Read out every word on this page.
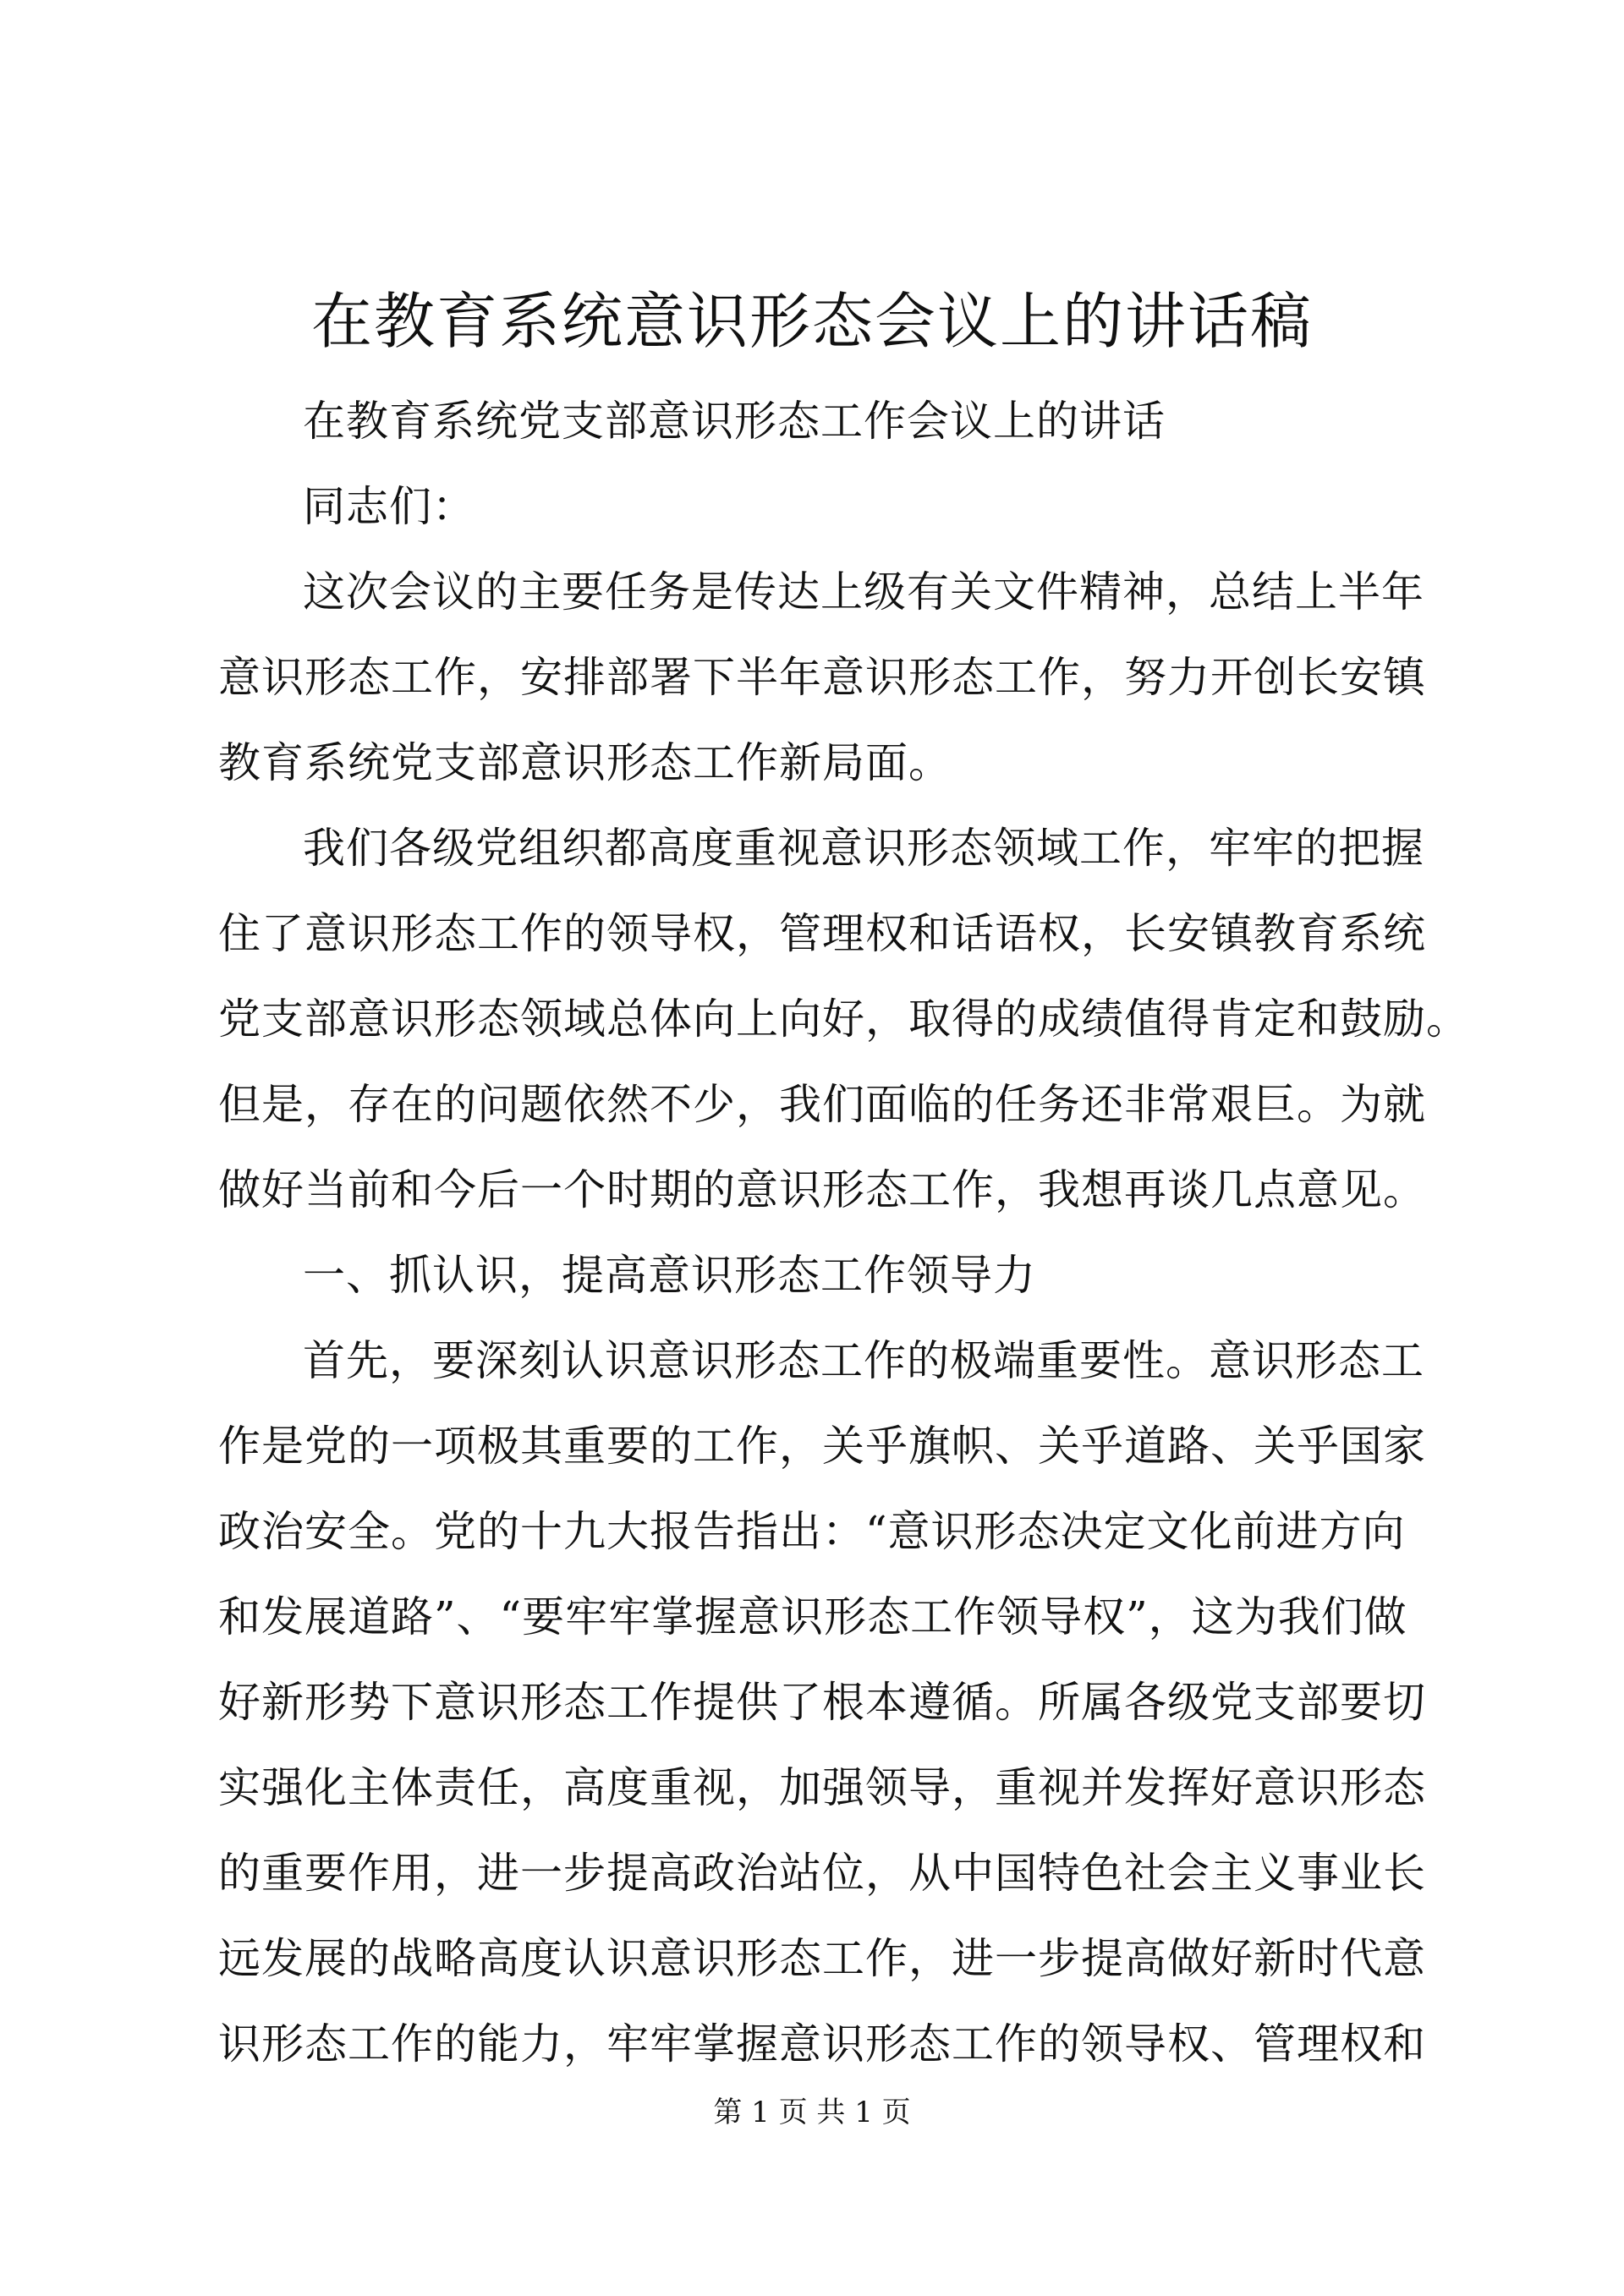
在教育系统意识形态会议上的讲话稿
在教育系统党支部意识形态工作会议上的讲话
同志们：
这次会议的主要任务是传达上级有关文件精神，总结上半年
意识形态工作，安排部署下半年意识形态工作，努力开创长安镇
教育系统党支部意识形态工作新局面。
我们各级党组织都高度重视意识形态领域工作，牢牢的把握
住了意识形态工作的领导权，管理权和话语权，长安镇教育系统
党支部意识形态领域总体向上向好，取得的成绩值得肯定和鼓励。
但是，存在的问题依然不少，我们面临的任务还非常艰巨。为就
做好当前和今后一个时期的意识形态工作，我想再谈几点意见。
一、抓认识，提高意识形态工作领导力
首先，要深刻认识意识形态工作的极端重要性。意识形态工
作是党的一项极其重要的工作，关乎旗帜、关乎道路、关乎国家
政治安全。党的十九大报告指出：“意识形态决定文化前进方向
和发展道路”、“要牢牢掌握意识形态工作领导权”，这为我们做
好新形势下意识形态工作提供了根本遵循。所属各级党支部要切
实强化主体责任，高度重视，加强领导，重视并发挥好意识形态
的重要作用，进一步提高政治站位，从中国特色社会主义事业长
远发展的战略高度认识意识形态工作，进一步提高做好新时代意
识形态工作的能力，牢牢掌握意识形态工作的领导权、管理权和
第 1 页 共 1 页
